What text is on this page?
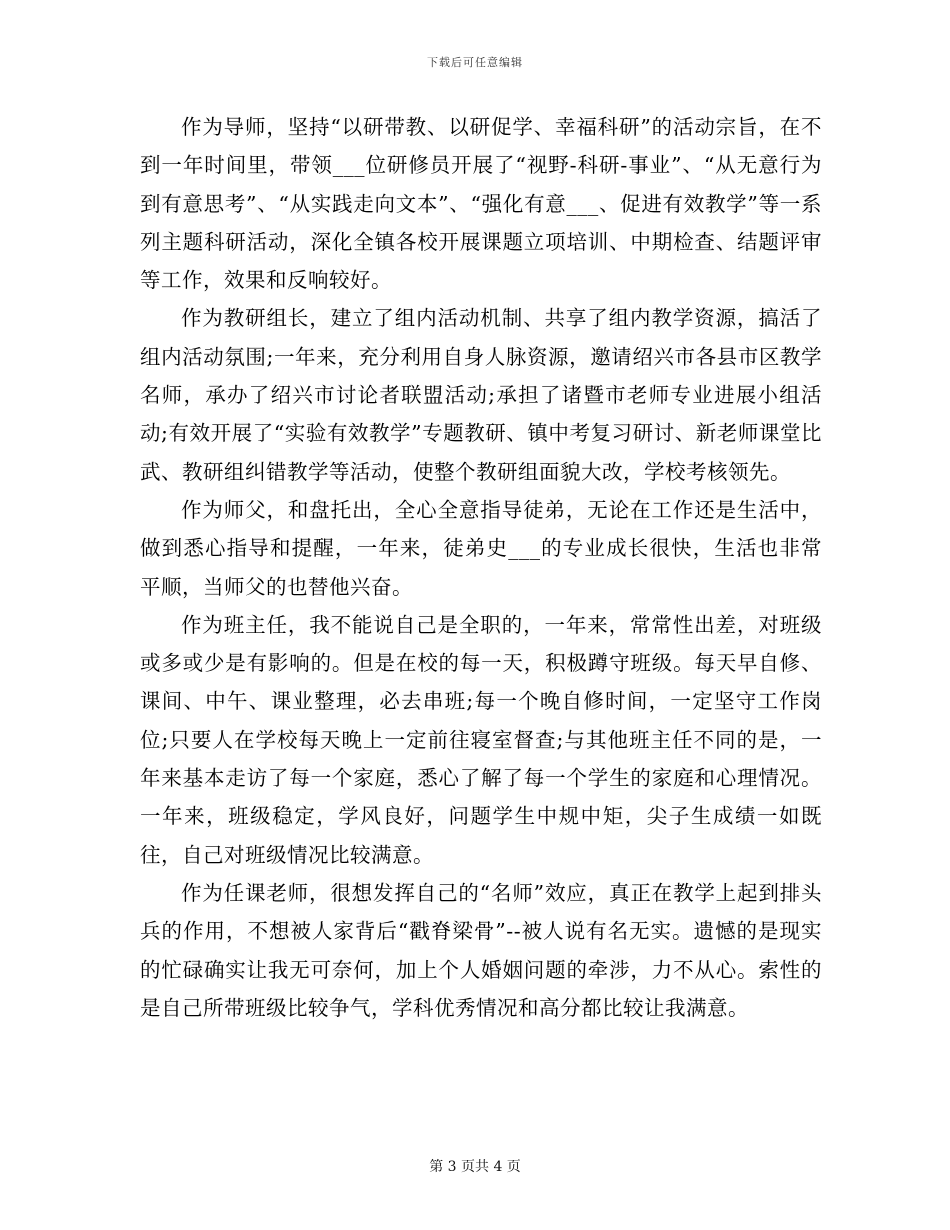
下载后可任意编辑

作为导师，坚持“以研带教、以研促学、幸福科研”的活动宗旨，在不到一年时间里，带领___位研修员开展了“视野-科研-事业”、“从无意行为到有意思考”、“从实践走向文本”、“强化有意___、促进有效教学”等一系列主题科研活动，深化全镇各校开展课题立项培训、中期检查、结题评审等工作，效果和反响较好。

作为教研组长，建立了组内活动机制、共享了组内教学资源，搞活了组内活动氛围;一年来，充分利用自身人脉资源，邀请绍兴市各县市区教学名师，承办了绍兴市讨论者联盟活动;承担了诸暨市老师专业进展小组活动;有效开展了“实验有效教学”专题教研、镇中考复习研讨、新老师课堂比武、教研组纠错教学等活动，使整个教研组面貌大改，学校考核领先。

作为师父，和盘托出，全心全意指导徒弟，无论在工作还是生活中，做到悉心指导和提醒，一年来，徒弟史___的专业成长很快，生活也非常平顺，当师父的也替他兴奋。

作为班主任，我不能说自己是全职的，一年来，常常性出差，对班级或多或少是有影响的。但是在校的每一天，积极蹲守班级。每天早自修、课间、中午、课业整理，必去串班;每一个晚自修时间，一定坚守工作岗位;只要人在学校每天晚上一定前往寝室督查;与其他班主任不同的是，一年来基本走访了每一个家庭，悉心了解了每一个学生的家庭和心理情况。一年来，班级稳定，学风良好，问题学生中规中矩，尖子生成绩一如既往，自己对班级情况比较满意。

作为任课老师，很想发挥自己的“名师”效应，真正在教学上起到排头兵的作用，不想被人家背后“戳脊梁骨”--被人说有名无实。遗憾的是现实的忙碌确实让我无可奈何，加上个人婚姻问题的牵涉，力不从心。索性的是自己所带班级比较争气，学科优秀情况和高分都比较让我满意。

第 3 页共 4 页
